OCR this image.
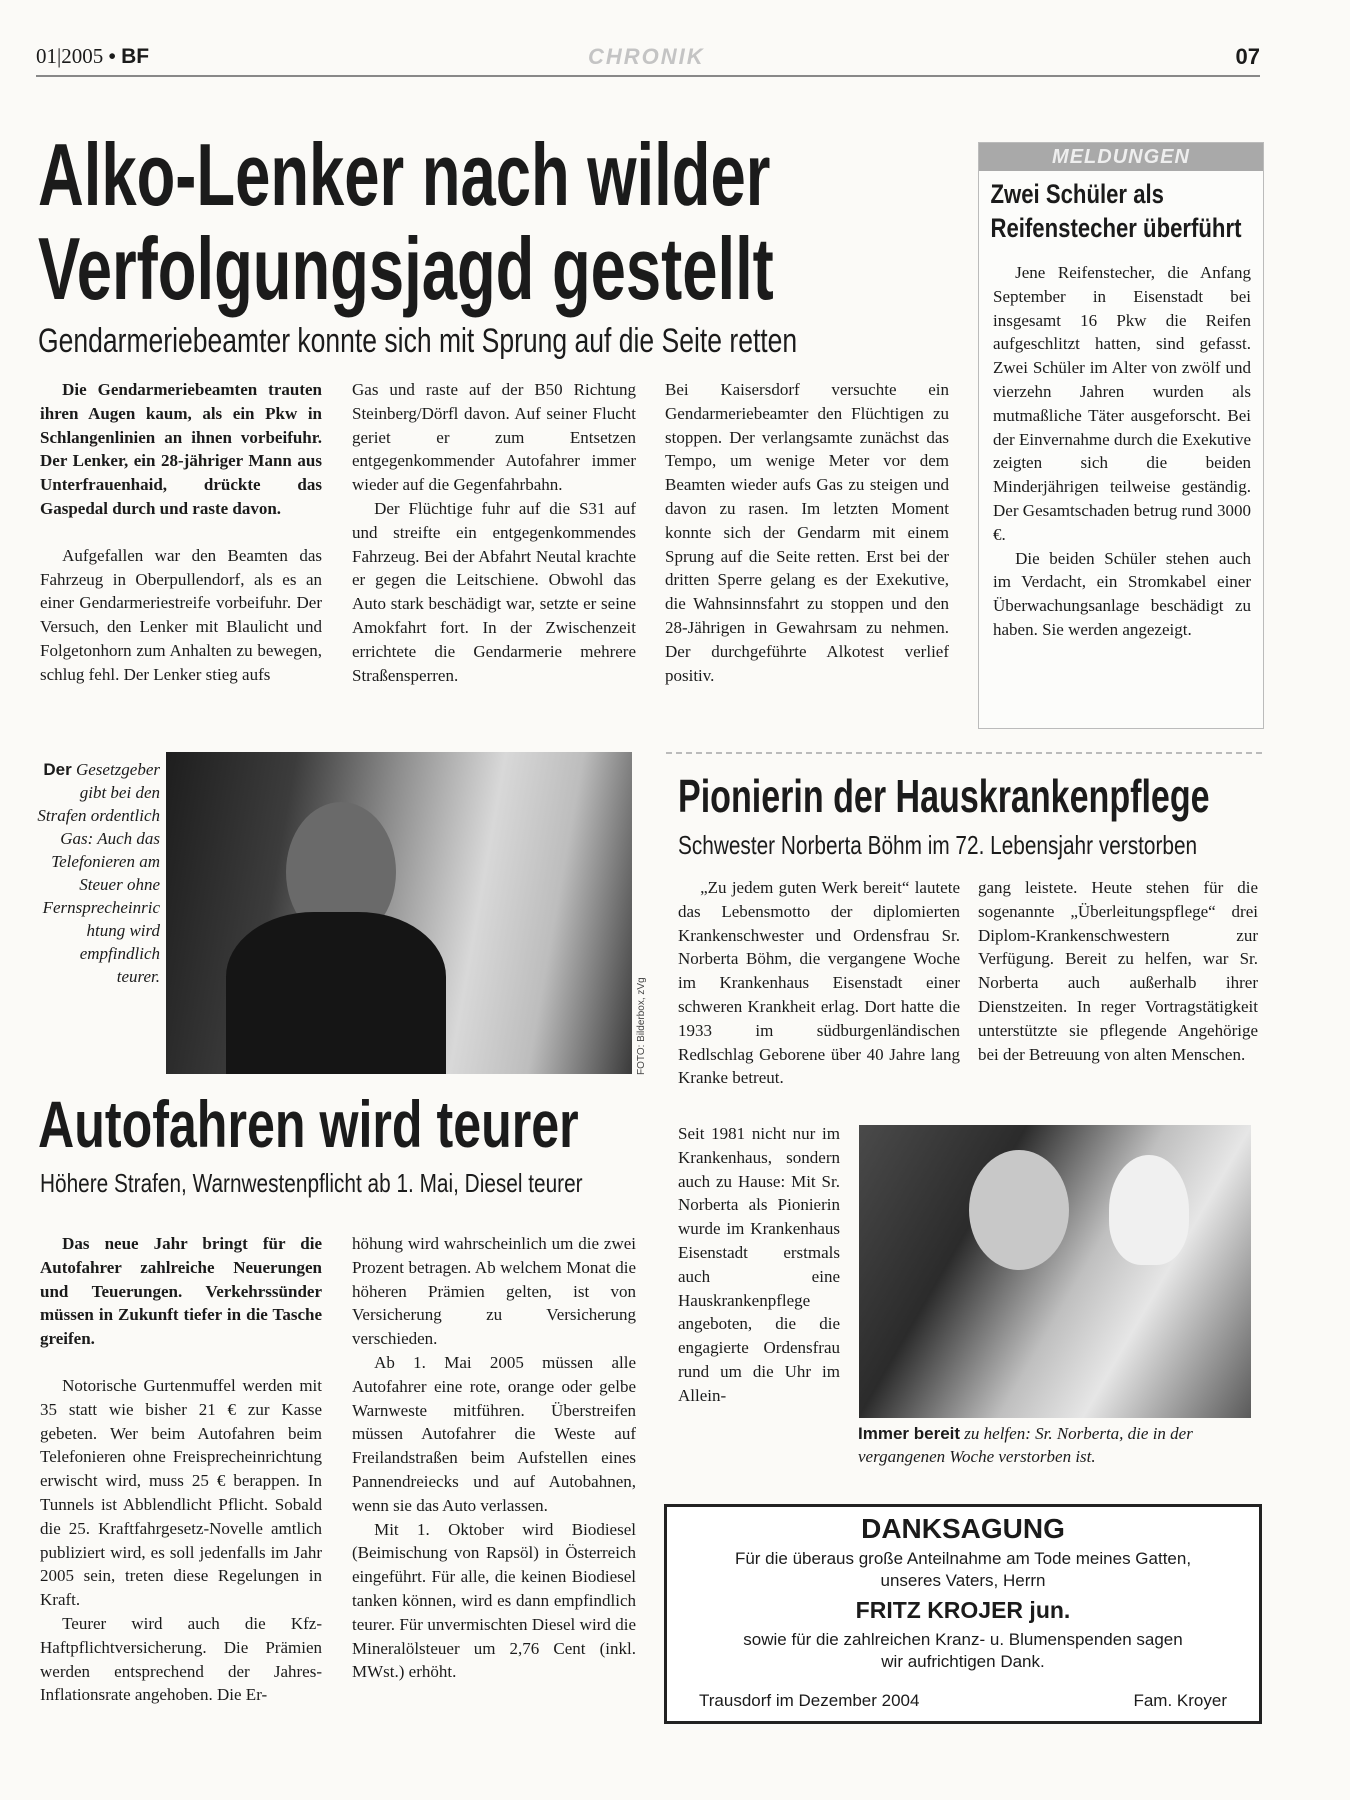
01|2005 • BF	CHRONIK	07
Alko-Lenker nach wilder
Verfolgungsjagd gestellt
Gendarmeriebeamter konnte sich mit Sprung auf die Seite retten

Die Gendarmeriebeamten trauten ihren Augen kaum, als ein Pkw in Schlangenlinien an ihnen vorbeifuhr. Der Lenker, ein 28-jähriger Mann aus Unterfrauenhaid, drückte das Gaspedal durch und raste davon.

Aufgefallen war den Beamten das Fahrzeug in Oberpullendorf, als es an einer Gendarmeriestreife vorbeifuhr. Der Versuch, den Lenker mit Blaulicht und Folgetonhorn zum Anhalten zu bewegen, schlug fehl. Der Lenker stieg aufs

Gas und raste auf der B50 Richtung Steinberg/Dörfl davon. Auf seiner Flucht geriet er zum Entsetzen entgegenkommender Autofahrer immer wieder auf die Gegenfahrbahn.

Der Flüchtige fuhr auf die S31 auf und streifte ein entgegenkommendes Fahrzeug. Bei der Abfahrt Neutal krachte er gegen die Leitschiene. Obwohl das Auto stark beschädigt war, setzte er seine Amokfahrt fort. In der Zwischenzeit errichtete die Gendarmerie mehrere Straßensperren.

Bei Kaisersdorf versuchte ein Gendarmeriebeamter den Flüchtigen zu stoppen. Der verlangsamte zunächst das Tempo, um wenige Meter vor dem Beamten wieder aufs Gas zu steigen und davon zu rasen. Im letzten Moment konnte sich der Gendarm mit einem Sprung auf die Seite retten. Erst bei der dritten Sperre gelang es der Exekutive, die Wahnsinnsfahrt zu stoppen und den 28-Jährigen in Gewahrsam zu nehmen. Der durchgeführte Alkotest verlief positiv.

MELDUNGEN
Zwei Schüler als Reifenstecher überführt

Jene Reifenstecher, die Anfang September in Eisenstadt bei insgesamt 16 Pkw die Reifen aufgeschlitzt hatten, sind gefasst. Zwei Schüler im Alter von zwölf und vierzehn Jahren wurden als mutmaßliche Täter ausgeforscht. Bei der Einvernahme durch die Exekutive zeigten sich die beiden Minderjährigen teilweise geständig. Der Gesamtschaden betrug rund 3000 €.

Die beiden Schüler stehen auch im Verdacht, ein Stromkabel einer Überwachungsanlage beschädigt zu haben. Sie werden angezeigt.

Der Gesetzgeber gibt bei den Strafen ordentlich Gas: Auch das Telefonieren am Steuer ohne Fernsprecheinrichtung wird empfindlich teurer.
FOTO: Bilderbox, zVg
Autofahren wird teurer
Höhere Strafen, Warnwestenpflicht ab 1. Mai, Diesel teurer

Das neue Jahr bringt für die Autofahrer zahlreiche Neuerungen und Teuerungen. Verkehrssünder müssen in Zukunft tiefer in die Tasche greifen.

Notorische Gurtenmuffel werden mit 35 statt wie bisher 21 € zur Kasse gebeten. Wer beim Autofahren beim Telefonieren ohne Freisprecheinrichtung erwischt wird, muss 25 € berappen. In Tunnels ist Abblendlicht Pflicht. Sobald die 25. Kraftfahrgesetz-Novelle amtlich publiziert wird, es soll jedenfalls im Jahr 2005 sein, treten diese Regelungen in Kraft.

Teurer wird auch die Kfz-Haftpflichtversicherung. Die Prämien werden entsprechend der Jahres-Inflationsrate angehoben. Die Er-

höhung wird wahrscheinlich um die zwei Prozent betragen. Ab welchem Monat die höheren Prämien gelten, ist von Versicherung zu Versicherung verschieden.

Ab 1. Mai 2005 müssen alle Autofahrer eine rote, orange oder gelbe Warnweste mitführen. Überstreifen müssen Autofahrer die Weste auf Freilandstraßen beim Aufstellen eines Pannendreiecks und auf Autobahnen, wenn sie das Auto verlassen.

Mit 1. Oktober wird Biodiesel (Beimischung von Rapsöl) in Österreich eingeführt. Für alle, die keinen Biodiesel tanken können, wird es dann empfindlich teurer. Für unvermischten Diesel wird die Mineralölsteuer um 2,76 Cent (inkl. MWst.) erhöht.

Pionierin der Hauskrankenpflege
Schwester Norberta Böhm im 72. Lebensjahr verstorben

„Zu jedem guten Werk bereit“ lautete das Lebensmotto der diplomierten Krankenschwester und Ordensfrau Sr. Norberta Böhm, die vergangene Woche im Krankenhaus Eisenstadt einer schweren Krankheit erlag. Dort hatte die 1933 im südburgenländischen Redlschlag Geborene über 40 Jahre lang Kranke betreut.

Seit 1981 nicht nur im Krankenhaus, sondern auch zu Hause: Mit Sr. Norberta als Pionierin wurde im Krankenhaus Eisenstadt erstmals auch eine Hauskrankenpflege angeboten, die die engagierte Ordensfrau rund um die Uhr im Allein-

gang leistete. Heute stehen für die sogenannte „Überleitungspflege“ drei Diplom-Krankenschwestern zur Verfügung. Bereit zu helfen, war Sr. Norberta auch außerhalb ihrer Dienstzeiten. In reger Vortragstätigkeit unterstützte sie pflegende Angehörige bei der Betreuung von alten Menschen.

Immer bereit zu helfen: Sr. Norberta, die in der vergangenen Woche verstorben ist.
DANKSAGUNG
Für die überaus große Anteilnahme am Tode meines Gatten,
unseres Vaters, Herrn
FRITZ KROJER jun.
sowie für die zahlreichen Kranz- u. Blumenspenden sagen
wir aufrichtigen Dank.
Trausdorf im Dezember 2004	Fam. Kroyer
